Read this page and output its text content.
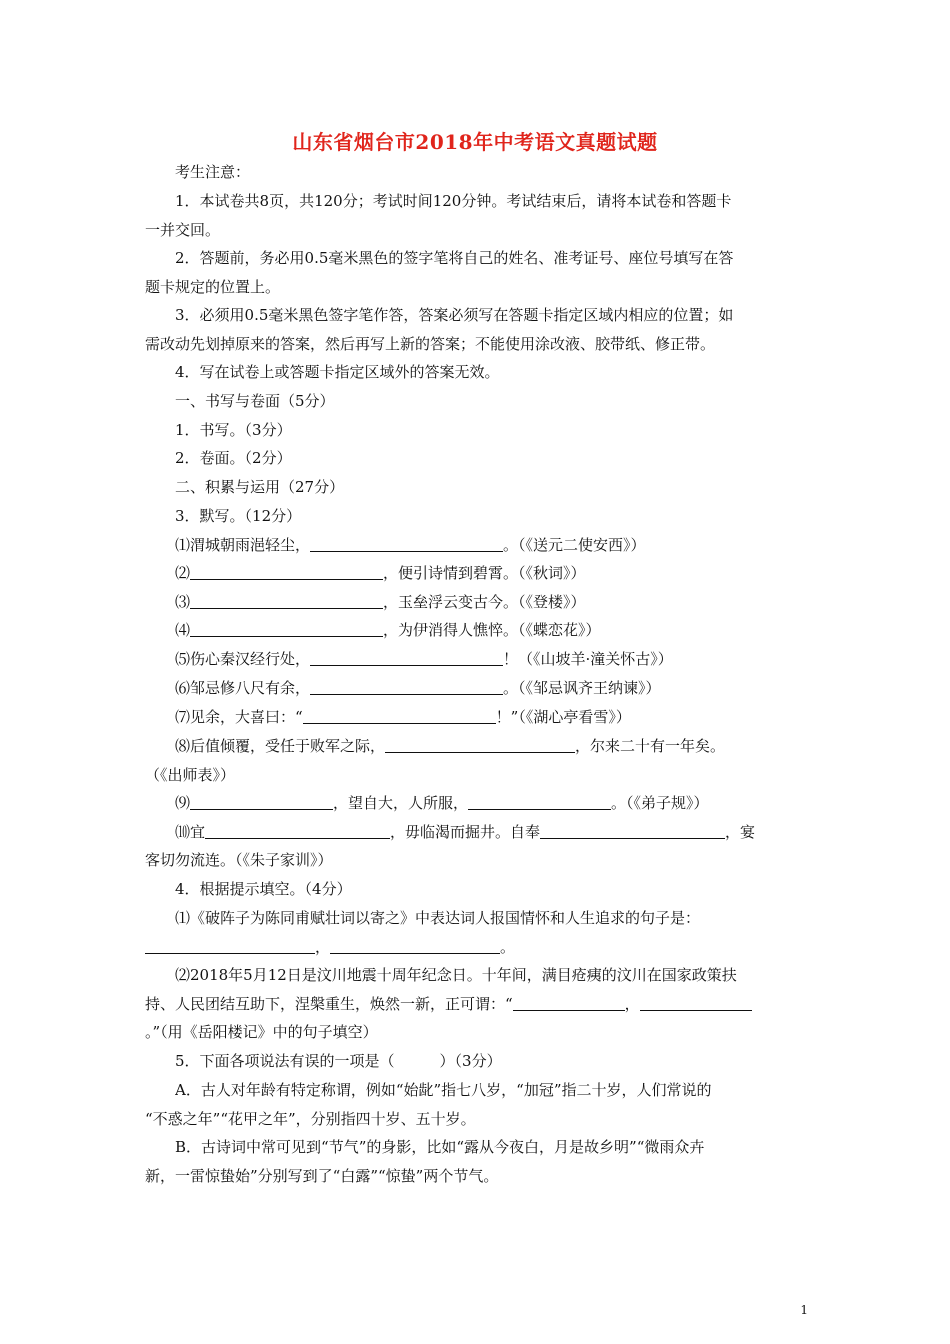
山东省烟台市2018年中考语文真题试题
考生注意：
1．本试卷共8页，共120分；考试时间120分钟。考试结束后，请将本试卷和答题卡
一并交回。
2．答题前，务必用0.5毫米黑色的签字笔将自己的姓名、准考证号、座位号填写在答
题卡规定的位置上。
3．必须用0.5毫米黑色签字笔作答，答案必须写在答题卡指定区域内相应的位置；如
需改动先划掉原来的答案，然后再写上新的答案；不能使用涂改液、胶带纸、修正带。
4．写在试卷上或答题卡指定区域外的答案无效。
一、书写与卷面（5分）
1．书写。（3分）
2．卷面。（2分）
二、积累与运用（27分）
3．默写。（12分）
⑴渭城朝雨浥轻尘，	。（《送元二使安西》）
⑵	，便引诗情到碧霄。（《秋词》）
⑶	，玉垒浮云变古今。（《登楼》）
⑷	，为伊消得人憔悴。（《蝶恋花》）
⑸伤心秦汉经行处，	！（《山坡羊·潼关怀古》）
⑹邹忌修八尺有余，	。（《邹忌讽齐王纳谏》）
⑺见余，大喜曰：“	！”（《湖心亭看雪》）
⑻后值倾覆，受任于败军之际，	，尔来二十有一年矣。
（《出师表》）
⑼	，望自大，人所服，	。（《弟子规》）
⑽宜	，毋临渴而掘井。自奉	，宴
客切勿流连。（《朱子家训》）
4．根据提示填空。（4分）
⑴《破阵子为陈同甫赋壮词以寄之》中表达词人报国情怀和人生追求的句子是：
，	。
⑵2018年5月12日是汶川地震十周年纪念日。十年间，满目疮痍的汶川在国家政策扶
持、人民团结互助下，涅槃重生，焕然一新，正可谓：“	，
。”（用《岳阳楼记》中的句子填空）
5．下面各项说法有误的一项是（　　　）（3分）
A．古人对年龄有特定称谓，例如“始龀”指七八岁，“加冠”指二十岁，人们常说的
“不惑之年”“花甲之年”，分别指四十岁、五十岁。
B．古诗词中常可见到“节气”的身影，比如“露从今夜白，月是故乡明”“微雨众卉
新，一雷惊蛰始”分别写到了“白露”“惊蛰”两个节气。
1
